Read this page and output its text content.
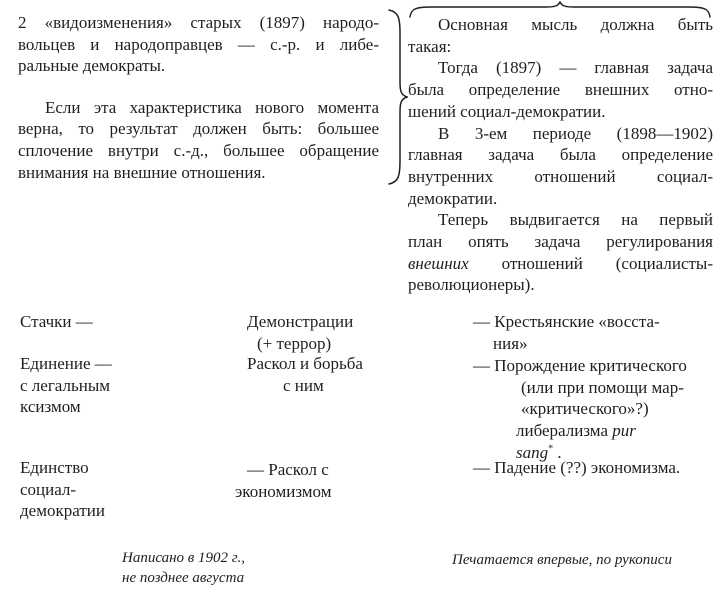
2 «видоизменения» старых (1897) народо-
вольцев и народоправцев — с.-р. и либе-
ральные демократы.
Если эта характеристика нового момента
верна, то результат должен быть: большее
сплочение внутри с.-д., большее обращение
внимания на внешние отношения.
Основная мысль должна быть
такая:
Тогда (1897) — главная задача
была определение внешних отно-
шений социал-демократии.
В 3-ем периоде (1898—1902)
главная задача была определение
внутренних отношений социал-
демократии.
Теперь выдвигается на первый
план опять задача регулирования
внешних отношений (социалисты-
революционеры).
Стачки —
Единение —
с легальным
ксизмом
Единство
социал-
демократии
Демонстрации
(+ террор)
Раскол и борьба
с ним
— Раскол с
экономизмом
— Крестьянские «восста-
ния»
— Порождение критического
(или при помощи мар-
«критического»?)
либерализма pur
sang* .
— Падение (??) экономизма.
Написано в 1902 г.,
не позднее августа
Печатается впервые, по рукописи
